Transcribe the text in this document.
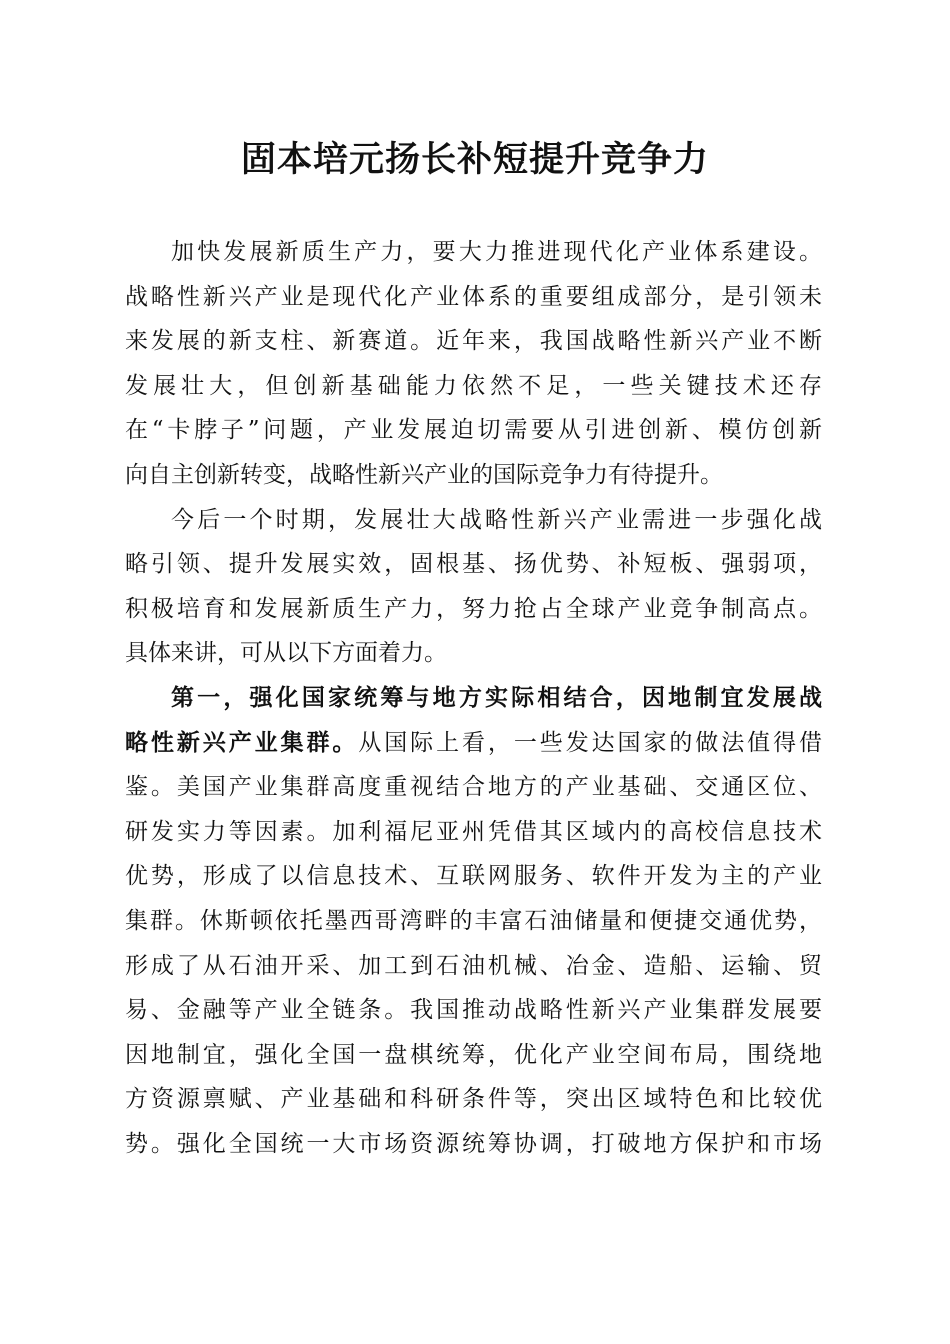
固本培元扬长补短提升竞争力
加快发展新质生产力，要大力推进现代化产业体系建设。
战略性新兴产业是现代化产业体系的重要组成部分，是引领未
来发展的新支柱、新赛道。近年来，我国战略性新兴产业不断
发展壮大，但创新基础能力依然不足，一些关键技术还存
在“卡脖子”问题，产业发展迫切需要从引进创新、模仿创新
向自主创新转变，战略性新兴产业的国际竞争力有待提升。
今后一个时期，发展壮大战略性新兴产业需进一步强化战
略引领、提升发展实效，固根基、扬优势、补短板、强弱项，
积极培育和发展新质生产力，努力抢占全球产业竞争制高点。
具体来讲，可从以下方面着力。
第一，强化国家统筹与地方实际相结合，因地制宜发展战
略性新兴产业集群。从国际上看，一些发达国家的做法值得借
鉴。美国产业集群高度重视结合地方的产业基础、交通区位、
研发实力等因素。加利福尼亚州凭借其区域内的高校信息技术
优势，形成了以信息技术、互联网服务、软件开发为主的产业
集群。休斯顿依托墨西哥湾畔的丰富石油储量和便捷交通优势，
形成了从石油开采、加工到石油机械、冶金、造船、运输、贸
易、金融等产业全链条。我国推动战略性新兴产业集群发展要
因地制宜，强化全国一盘棋统筹，优化产业空间布局，围绕地
方资源禀赋、产业基础和科研条件等，突出区域特色和比较优
势。强化全国统一大市场资源统筹协调，打破地方保护和市场
